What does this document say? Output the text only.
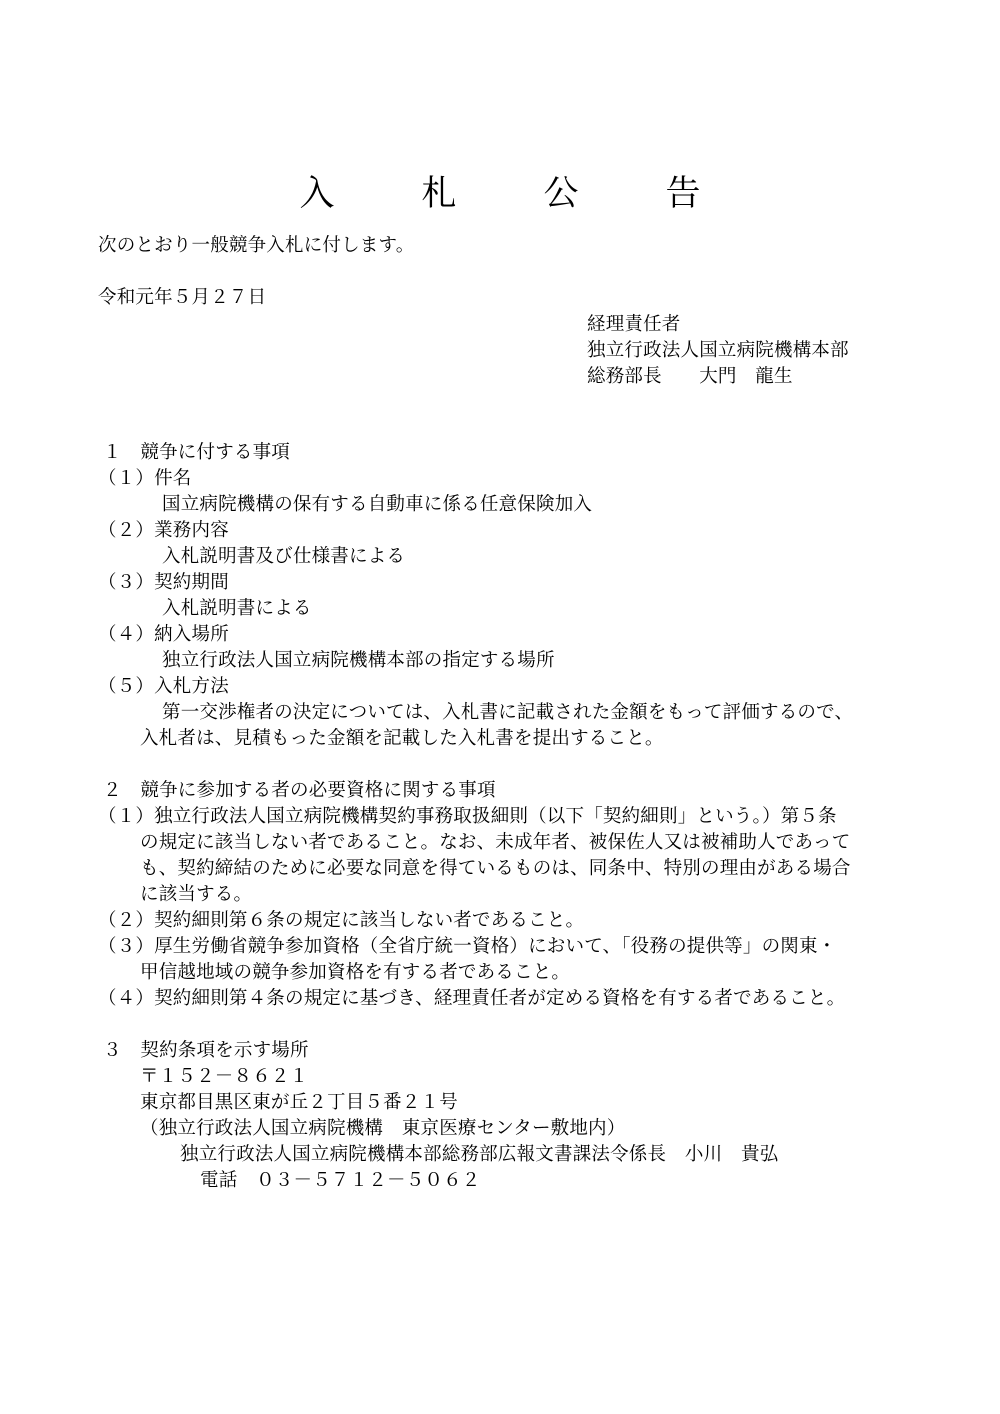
入　札　公　告
次のとおり一般競争入札に付します。
令和元年５月２７日
経理責任者
独立行政法人国立病院機構本部
総務部長　　大門　龍生
１　競争に付する事項
（１）件名
国立病院機構の保有する自動車に係る任意保険加入
（２）業務内容
入札説明書及び仕様書による
（３）契約期間
入札説明書による
（４）納入場所
独立行政法人国立病院機構本部の指定する場所
（５）入札方法
第一交渉権者の決定については、入札書に記載された金額をもって評価するので、
入札者は、見積もった金額を記載した入札書を提出すること。
２　競争に参加する者の必要資格に関する事項
（１）独立行政法人国立病院機構契約事務取扱細則（以下「契約細則」という。）第５条
の規定に該当しない者であること。なお、未成年者、被保佐人又は被補助人であって
も、契約締結のために必要な同意を得ているものは、同条中、特別の理由がある場合
に該当する。
（２）契約細則第６条の規定に該当しない者であること。
（３）厚生労働省競争参加資格（全省庁統一資格）において、「役務の提供等」の関東・
甲信越地域の競争参加資格を有する者であること。
（４）契約細則第４条の規定に基づき、経理責任者が定める資格を有する者であること。
３　契約条項を示す場所
〒１５２－８６２１
東京都目黒区東が丘２丁目５番２１号
（独立行政法人国立病院機構　東京医療センター敷地内）
独立行政法人国立病院機構本部総務部広報文書課法令係長　小川　貴弘
電話　０３－５７１２－５０６２
